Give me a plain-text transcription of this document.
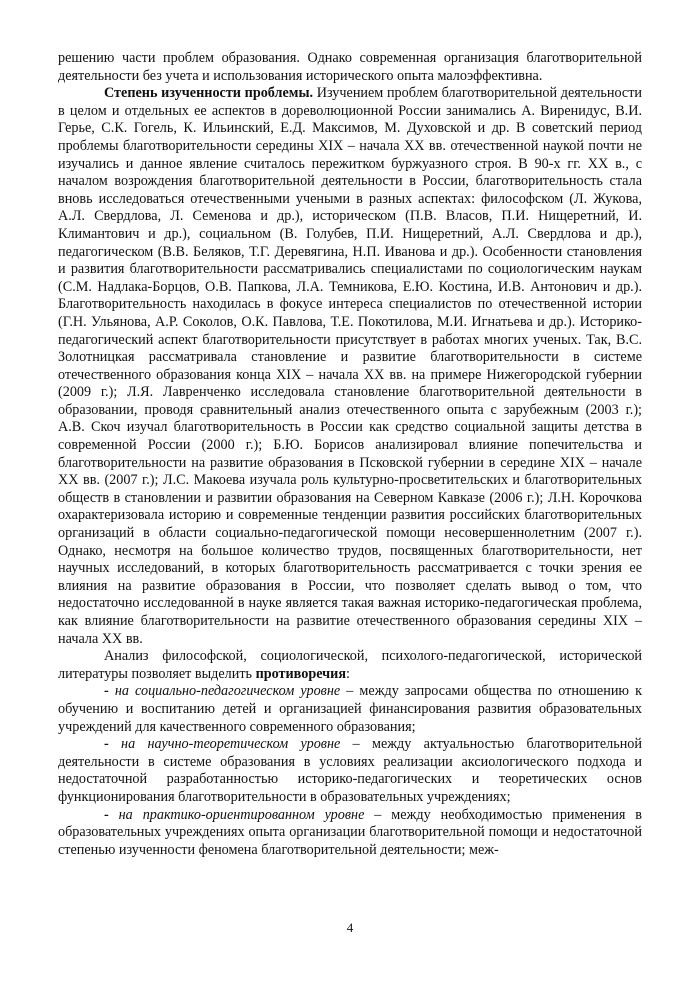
решению части проблем образования. Однако современная организация благотворительной деятельности без учета и использования исторического опыта малоэффективна.

Степень изученности проблемы. Изучением проблем благотворительной деятельности в целом и отдельных ее аспектов в дореволюционной России занимались А. Виренидус, В.И. Герье, С.К. Гогель, К. Ильинский, Е.Д. Максимов, М. Духовской и др. В советский период проблемы благотворительности середины XIX – начала XX вв. отечественной наукой почти не изучались и данное явление считалось пережитком буржуазного строя. В 90-х гг. XX в., с началом возрождения благотворительной деятельности в России, благотворительность стала вновь исследоваться отечественными учеными в разных аспектах: философском (Л. Жукова, А.Л. Свердлова, Л. Семенова и др.), историческом (П.В. Власов, П.И. Нищеретний, И. Климантович и др.), социальном (В. Голубев, П.И. Нищеретний, А.Л. Свердлова и др.), педагогическом (В.В. Беляков, Т.Г. Деревягина, Н.П. Иванова и др.). Особенности становления и развития благотворительности рассматривались специалистами по социологическим наукам (С.М. Надлака-Борцов, О.В. Папкова, Л.А. Темникова, Е.Ю. Костина, И.В. Антонович и др.). Благотворительность находилась в фокусе интереса специалистов по отечественной истории (Г.Н. Ульянова, А.Р. Соколов, О.К. Павлова, Т.Е. Покотилова, М.И. Игнатьева и др.). Историко-педагогический аспект благотворительности присутствует в работах многих ученых. Так, В.С. Золотницкая рассматривала становление и развитие благотворительности в системе отечественного образования конца XIX – начала XX вв. на примере Нижегородской губернии (2009 г.); Л.Я. Лавренченко исследовала становление благотворительной деятельности в образовании, проводя сравнительный анализ отечественного опыта с зарубежным (2003 г.); А.В. Скоч изучал благотворительность в России как средство социальной защиты детства в современной России (2000 г.); Б.Ю. Борисов анализировал влияние попечительства и благотворительности на развитие образования в Псковской губернии в середине XIX – начале XX вв. (2007 г.); Л.С. Макоева изучала роль культурно-просветительских и благотворительных обществ в становлении и развитии образования на Северном Кавказе (2006 г.); Л.Н. Корочкова охарактеризовала историю и современные тенденции развития российских благотворительных организаций в области социально-педагогической помощи несовершеннолетним (2007 г.). Однако, несмотря на большое количество трудов, посвященных благотворительности, нет научных исследований, в которых благотворительность рассматривается с точки зрения ее влияния на развитие образования в России, что позволяет сделать вывод о том, что недостаточно исследованной в науке является такая важная историко-педагогическая проблема, как влияние благотворительности на развитие отечественного образования середины XIX – начала XX вв.

Анализ философской, социологической, психолого-педагогической, исторической литературы позволяет выделить противоречия:

- на социально-педагогическом уровне – между запросами общества по отношению к обучению и воспитанию детей и организацией финансирования развития образовательных учреждений для качественного современного образования;

- на научно-теоретическом уровне – между актуальностью благотворительной деятельности в системе образования в условиях реализации аксиологического подхода и недостаточной разработанностью историко-педагогических и теоретических основ функционирования благотворительности в образовательных учреждениях;

- на практико-ориентированном уровне – между необходимостью применения в образовательных учреждениях опыта организации благотворительной помощи и недостаточной степенью изученности феномена благотворительной деятельности; меж-

4
